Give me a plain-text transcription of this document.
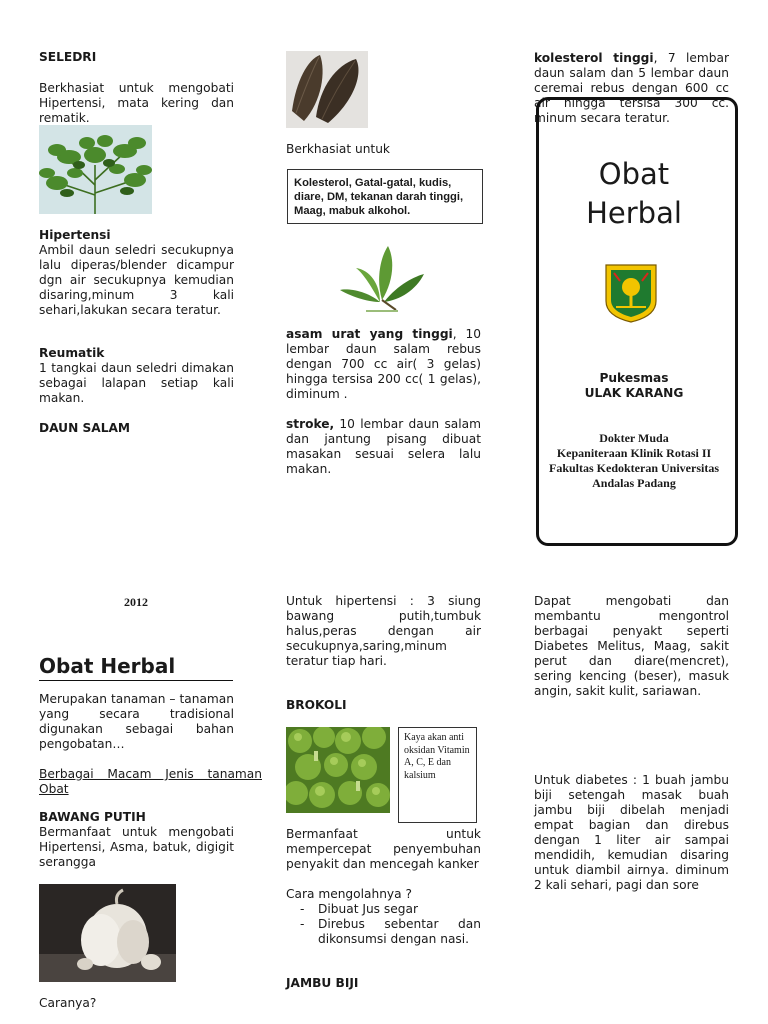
SELEDRI

Berkhasiat untuk mengobati Hipertensi, mata kering dan rematik.

Hipertensi

Ambil daun seledri secukupnya lalu diperas/blender dicampur dgn air secukupnya kemudian disaring,minum 3 kali sehari,lakukan secara teratur.

Reumatik

1 tangkai daun seledri dimakan sebagai lalapan setiap kali makan.

DAUN SALAM
Berkhasiat untuk
Kolesterol, Gatal-gatal, kudis, diare, DM, tekanan darah tinggi, Maag, mabuk alkohol.

asam urat yang tinggi, 10 lembar daun salam rebus dengan 700 cc air( 3 gelas) hingga tersisa 200 cc( 1 gelas), diminum .

stroke, 10 lembar daun salam dan jantung pisang dibuat masakan sesuai selera lalu makan.

kolesterol tinggi, 7 lembar daun salam dan 5 lembar daun ceremai rebus dengan 600 cc air hingga tersisa 300 cc. minum secara teratur.

Obat
Herbal
Pukesmas
ULAK KARANG
Dokter Muda
Kepaniteraan Klinik Rotasi II
Fakultas Kedokteran Universitas
Andalas Padang
2012
Obat Herbal

Merupakan tanaman – tanaman yang secara tradisional digunakan sebagai bahan pengobatan…

Berbagai Macam Jenis tanaman Obat

BAWANG PUTIH

Bermanfaat untuk mengobati Hipertensi, Asma, batuk, digigit serangga

Caranya?

Untuk hipertensi : 3 siung bawang putih,tumbuk halus,peras dengan air secukupnya,saring,minum teratur tiap hari.

BROKOLI
Kaya akan anti oksidan Vitamin A, C, E dan kalsium

Bermanfaat untuk mempercepat penyembuhan penyakit dan mencegah kanker

Cara mengolahnya ?
- Dibuat Jus segar
- Direbus sebentar dan dikonsumsi dengan nasi.
JAMBU BIJI

Dapat mengobati dan membantu mengontrol berbagai penyakt seperti Diabetes Melitus, Maag, sakit perut dan diare(mencret), sering kencing (beser), masuk angin, sakit kulit, sariawan.

Untuk diabetes : 1 buah jambu biji setengah masak buah jambu biji dibelah menjadi empat bagian dan direbus dengan 1 liter air sampai mendidih, kemudian disaring untuk diambil airnya. diminum 2 kali sehari, pagi dan sore
